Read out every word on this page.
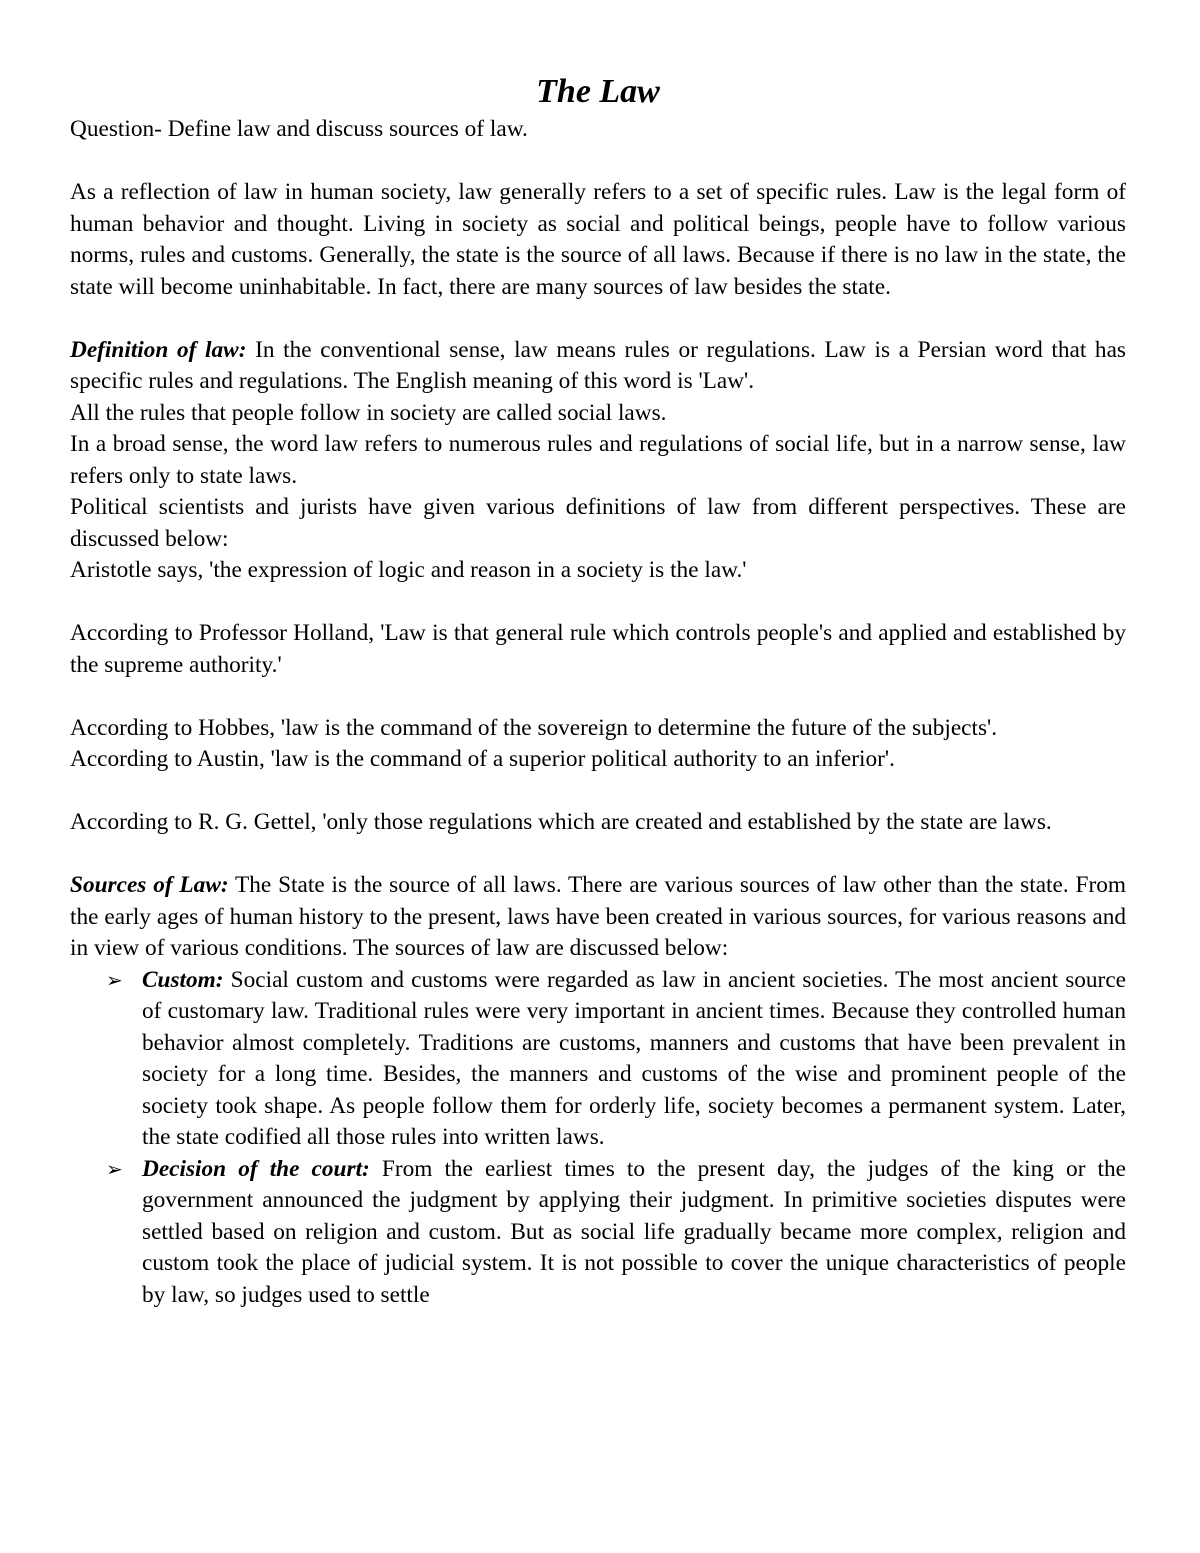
The Law

Question- Define law and discuss sources of law.

As a reflection of law in human society, law generally refers to a set of specific rules. Law is the legal form of human behavior and thought. Living in society as social and political beings, people have to follow various norms, rules and customs. Generally, the state is the source of all laws. Because if there is no law in the state, the state will become uninhabitable. In fact, there are many sources of law besides the state.

Definition of law: In the conventional sense, law means rules or regulations. Law is a Persian word that has specific rules and regulations. The English meaning of this word is 'Law'.

All the rules that people follow in society are called social laws.

In a broad sense, the word law refers to numerous rules and regulations of social life, but in a narrow sense, law refers only to state laws.

Political scientists and jurists have given various definitions of law from different perspectives. These are discussed below:

Aristotle says, 'the expression of logic and reason in a society is the law.'

According to Professor Holland, 'Law is that general rule which controls people's and applied and established by the supreme authority.'

According to Hobbes, 'law is the command of the sovereign to determine the future of the subjects'.

According to Austin, 'law is the command of a superior political authority to an inferior'.

According to R. G. Gettel, 'only those regulations which are created and established by the state are laws.

Sources of Law: The State is the source of all laws. There are various sources of law other than the state. From the early ages of human history to the present, laws have been created in various sources, for various reasons and in view of various conditions. The sources of law are discussed below:

➢ Custom: Social custom and customs were regarded as law in ancient societies. The most ancient source of customary law. Traditional rules were very important in ancient times. Because they controlled human behavior almost completely. Traditions are customs, manners and customs that have been prevalent in society for a long time. Besides, the manners and customs of the wise and prominent people of the society took shape. As people follow them for orderly life, society becomes a permanent system. Later, the state codified all those rules into written laws.
➢ Decision of the court: From the earliest times to the present day, the judges of the king or the government announced the judgment by applying their judgment. In primitive societies disputes were settled based on religion and custom. But as social life gradually became more complex, religion and custom took the place of judicial system. It is not possible to cover the unique characteristics of people by law, so judges used to settle
